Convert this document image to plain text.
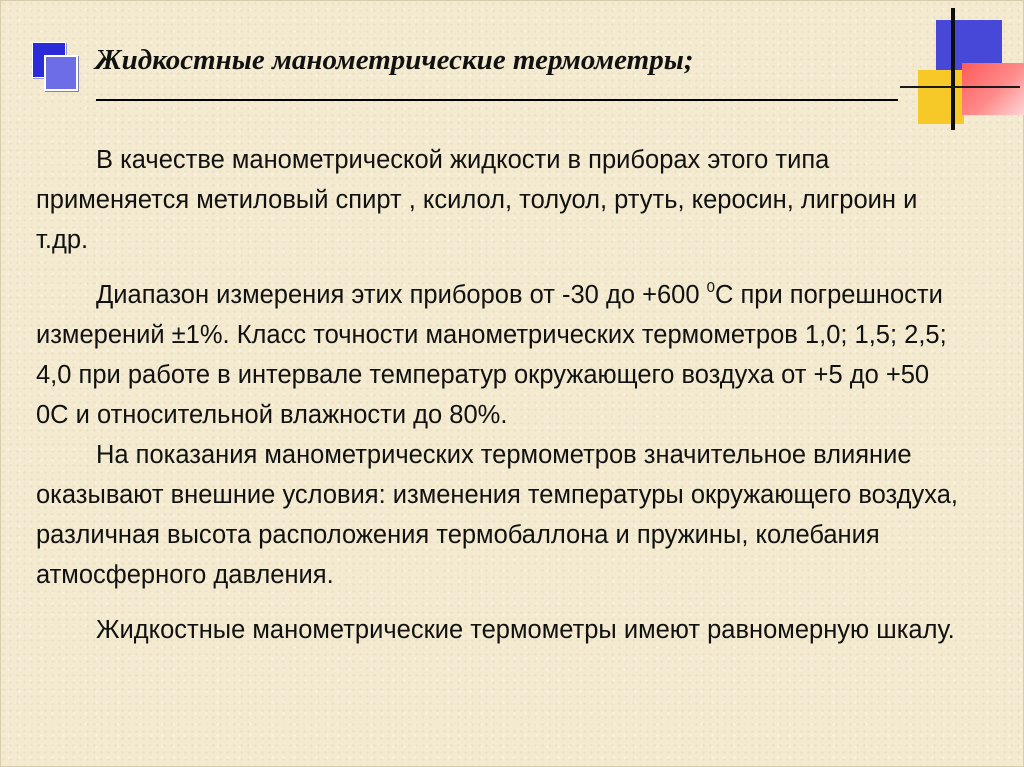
Жидкостные манометрические термометры;

В качестве манометрической жидкости в приборах этого типа применяется метиловый спирт , ксилол, толуол, ртуть, керосин, лигроин и т.др.

Диапазон измерения этих приборов от -30 до +600 $^0$С при погрешности измерений ±1%. Класс точности манометрических термометров 1,0; 1,5; 2,5; 4,0 при работе в интервале температур окружающего воздуха от +5 до +50 0С и относительной влажности до 80%.

На показания манометрических термометров значительное влияние оказывают внешние условия: изменения температуры окружающего воздуха, различная высота расположения термобаллона и пружины, колебания атмосферного давления.

Жидкостные манометрические термометры имеют равномерную шкалу.
